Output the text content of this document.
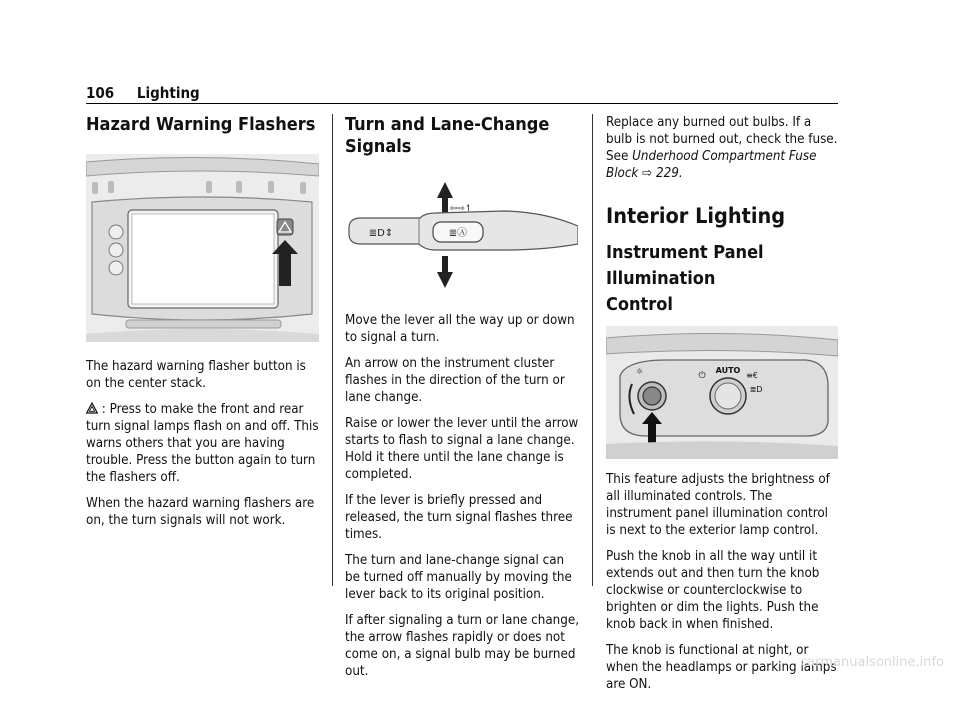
106 Lighting
Hazard Warning Flashers

The hazard warning flasher button is on the center stack.

: Press to make the front and rear turn signal lamps flash on and off. This warns others that you are having trouble. Press the button again to turn the flashers off.

When the hazard warning flashers are on, the turn signals will not work.

Turn and Lane-Change Signals
≣Ⓐ
≣D⇕
⇦⇨↿

Move the lever all the way up or down to signal a turn.

An arrow on the instrument cluster flashes in the direction of the turn or lane change.

Raise or lower the lever until the arrow starts to flash to signal a lane change. Hold it there until the lane change is completed.

If the lever is briefly pressed and released, the turn signal flashes three times.

The turn and lane-change signal can be turned off manually by moving the lever back to its original position.

If after signaling a turn or lane change, the arrow flashes rapidly or does not come on, a signal bulb may be burned out.

Replace any burned out bulbs. If a bulb is not burned out, check the fuse. See Underhood Compartment Fuse Block ⇨ 229.

Interior Lighting
Instrument Panel Illumination
Control
AUTO
⏻	≡€
≣D
☼

This feature adjusts the brightness of all illuminated controls. The instrument panel illumination control is next to the exterior lamp control.

Push the knob in all the way until it extends out and then turn the knob clockwise or counterclockwise to brighten or dim the lights. Push the knob back in when finished.

The knob is functional at night, or when the headlamps or parking lamps are ON.

carmanualsonline.info
